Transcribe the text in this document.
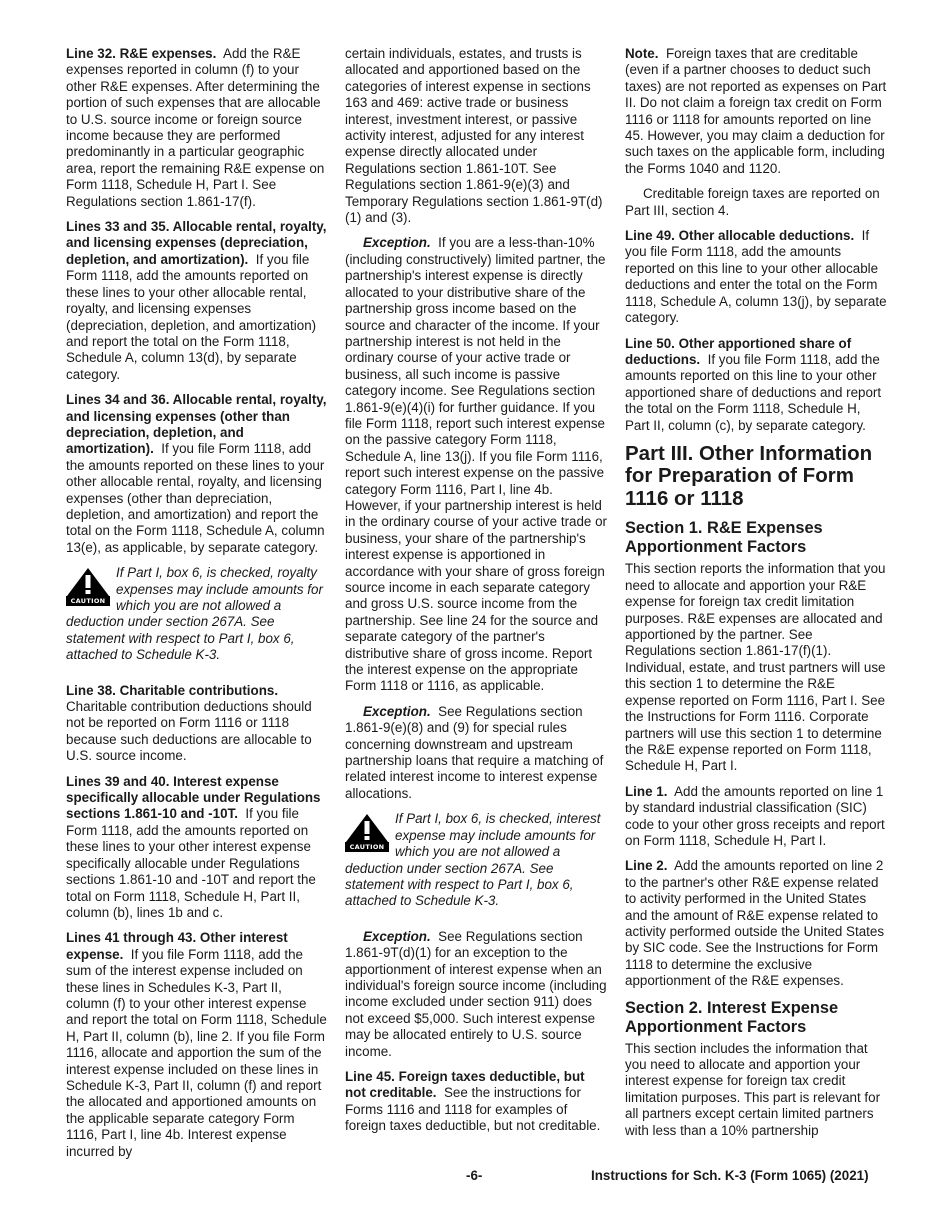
Line 32. R&E expenses. Add the R&E expenses reported in column (f) to your other R&E expenses. After determining the portion of such expenses that are allocable to U.S. source income or foreign source income because they are performed predominantly in a particular geographic area, report the remaining R&E expense on Form 1118, Schedule H, Part I. See Regulations section 1.861-17(f).

Lines 33 and 35. Allocable rental, royalty, and licensing expenses (depreciation, depletion, and amortization). If you file Form 1118, add the amounts reported on these lines to your other allocable rental, royalty, and licensing expenses (depreciation, depletion, and amortization) and report the total on the Form 1118, Schedule A, column 13(d), by separate category.

Lines 34 and 36. Allocable rental, royalty, and licensing expenses (other than depreciation, depletion, and amortization). If you file Form 1118, add the amounts reported on these lines to your other allocable rental, royalty, and licensing expenses (other than depreciation, depletion, and amortization) and report the total on the Form 1118, Schedule A, column 13(e), as applicable, by separate category.

CAUTION
If Part I, box 6, is checked, royalty expenses may include amounts for which you are not allowed a deduction under section 267A. See statement with respect to Part I, box 6, attached to Schedule K-3.

Line 38. Charitable contributions.
Charitable contribution deductions should not be reported on Form 1116 or 1118 because such deductions are allocable to U.S. source income.

Lines 39 and 40. Interest expense specifically allocable under Regulations sections 1.861-10 and -10T. If you file Form 1118, add the amounts reported on these lines to your other interest expense specifically allocable under Regulations sections 1.861-10 and -10T and report the total on Form 1118, Schedule H, Part II, column (b), lines 1b and c.

Lines 41 through 43. Other interest expense. If you file Form 1118, add the sum of the interest expense included on these lines in Schedules K-3, Part II, column (f) to your other interest expense and report the total on Form 1118, Schedule H, Part II, column (b), line 2. If you file Form 1116, allocate and apportion the sum of the interest expense included on these lines in Schedule K-3, Part II, column (f) and report the allocated and apportioned amounts on the applicable separate category Form 1116, Part I, line 4b. Interest expense incurred by

certain individuals, estates, and trusts is allocated and apportioned based on the categories of interest expense in sections 163 and 469: active trade or business interest, investment interest, or passive activity interest, adjusted for any interest expense directly allocated under Regulations section 1.861-10T. See Regulations section 1.861-9(e)(3) and Temporary Regulations section 1.861-9T(d)(1) and (3).

Exception. If you are a less-than-10% (including constructively) limited partner, the partnership's interest expense is directly allocated to your distributive share of the partnership gross income based on the source and character of the income. If your partnership interest is not held in the ordinary course of your active trade or business, all such income is passive category income. See Regulations section 1.861-9(e)(4)(i) for further guidance. If you file Form 1118, report such interest expense on the passive category Form 1118, Schedule A, line 13(j). If you file Form 1116, report such interest expense on the passive category Form 1116, Part I, line 4b. However, if your partnership interest is held in the ordinary course of your active trade or business, your share of the partnership's interest expense is apportioned in accordance with your share of gross foreign source income in each separate category and gross U.S. source income from the partnership. See line 24 for the source and separate category of the partner's distributive share of gross income. Report the interest expense on the appropriate Form 1118 or 1116, as applicable.

Exception. See Regulations section 1.861-9(e)(8) and (9) for special rules concerning downstream and upstream partnership loans that require a matching of related interest income to interest expense allocations.

CAUTION
If Part I, box 6, is checked, interest expense may include amounts for which you are not allowed a deduction under section 267A. See statement with respect to Part I, box 6, attached to Schedule K-3.

Exception. See Regulations section 1.861-9T(d)(1) for an exception to the apportionment of interest expense when an individual's foreign source income (including income excluded under section 911) does not exceed $5,000. Such interest expense may be allocated entirely to U.S. source income.

Line 45. Foreign taxes deductible, but not creditable. See the instructions for Forms 1116 and 1118 for examples of foreign taxes deductible, but not creditable.

Note. Foreign taxes that are creditable (even if a partner chooses to deduct such taxes) are not reported as expenses on Part II. Do not claim a foreign tax credit on Form 1116 or 1118 for amounts reported on line 45. However, you may claim a deduction for such taxes on the applicable form, including the Forms 1040 and 1120.

Creditable foreign taxes are reported on Part III, section 4.

Line 49. Other allocable deductions. If you file Form 1118, add the amounts reported on this line to your other allocable deductions and enter the total on the Form 1118, Schedule A, column 13(j), by separate category.

Line 50. Other apportioned share of deductions. If you file Form 1118, add the amounts reported on this line to your other apportioned share of deductions and report the total on the Form 1118, Schedule H, Part II, column (c), by separate category.

Part III. Other Information for Preparation of Form 1116 or 1118
Section 1. R&E Expenses Apportionment Factors

This section reports the information that you need to allocate and apportion your R&E expense for foreign tax credit limitation purposes. R&E expenses are allocated and apportioned by the partner. See Regulations section 1.861-17(f)(1). Individual, estate, and trust partners will use this section 1 to determine the R&E expense reported on Form 1116, Part I. See the Instructions for Form 1116. Corporate partners will use this section 1 to determine the R&E expense reported on Form 1118, Schedule H, Part I.

Line 1. Add the amounts reported on line 1 by standard industrial classification (SIC) code to your other gross receipts and report on Form 1118, Schedule H, Part I.

Line 2. Add the amounts reported on line 2 to the partner's other R&E expense related to activity performed in the United States and the amount of R&E expense related to activity performed outside the United States by SIC code. See the Instructions for Form 1118 to determine the exclusive apportionment of the R&E expenses.

Section 2. Interest Expense Apportionment Factors

This section includes the information that you need to allocate and apportion your interest expense for foreign tax credit limitation purposes. This part is relevant for all partners except certain limited partners with less than a 10% partnership

-6-	Instructions for Sch. K-3 (Form 1065) (2021)
